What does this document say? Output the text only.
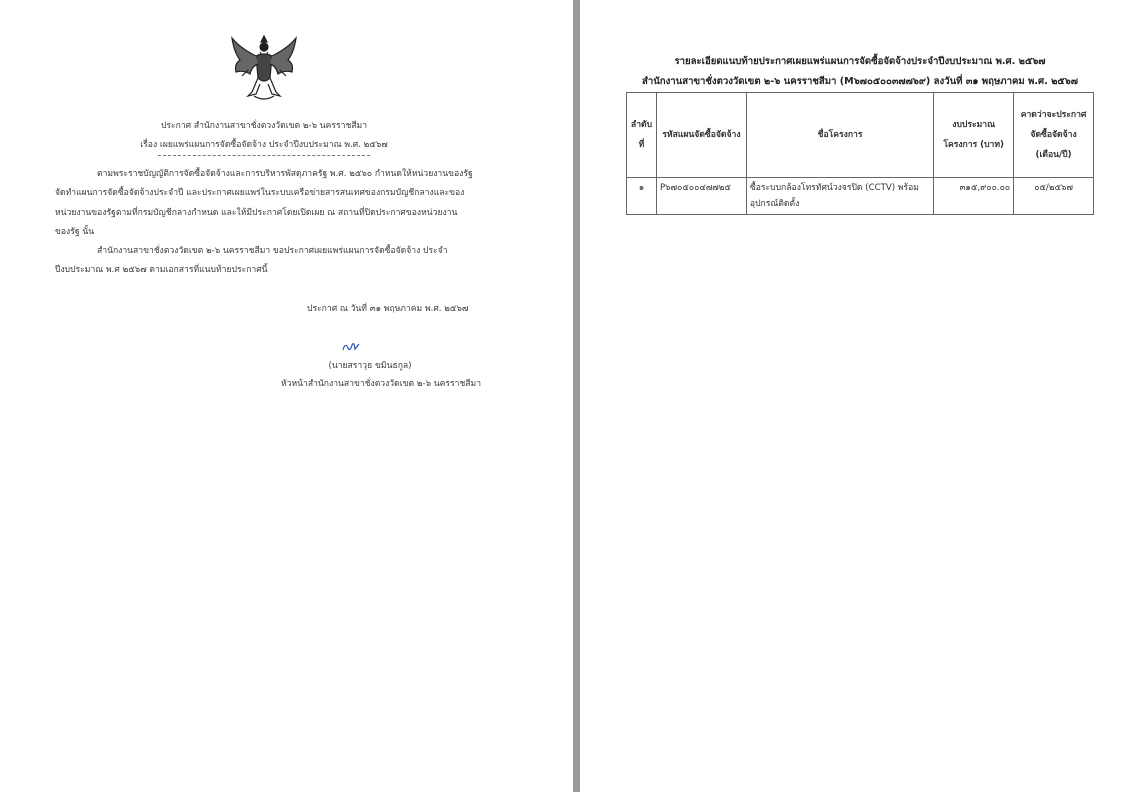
ประกาศ สำนักงานสาขาชั่งตวงวัดเขต ๒-๖ นครราชสีมา
เรื่อง เผยแพร่แผนการจัดซื้อจัดจ้าง ประจำปีงบประมาณ พ.ศ. ๒๕๖๗
ตามพระราชบัญญัติการจัดซื้อจัดจ้างและการบริหารพัสดุภาครัฐ พ.ศ. ๒๕๖๐ กำหนดให้หน่วยงานของรัฐ
จัดทำแผนการจัดซื้อจัดจ้างประจำปี และประกาศเผยแพร่ในระบบเครือข่ายสารสนเทศของกรมบัญชีกลางและของ
หน่วยงานของรัฐตามที่กรมบัญชีกลางกำหนด และให้มีประกาศโดยเปิดเผย ณ สถานที่ปิดประกาศของหน่วยงาน
ของรัฐ นั้น
สำนักงานสาขาชั่งตวงวัดเขต ๒-๖ นครราชสีมา ขอประกาศเผยแพร่แผนการจัดซื้อจัดจ้าง ประจำ
ปีงบประมาณ พ.ศ ๒๕๖๗ ตามเอกสารที่แนบท้ายประกาศนี้
ประกาศ ณ วันที่ ๓๑ พฤษภาคม พ.ศ. ๒๕๖๗
(นายสราวุธ ขมินธกูล)
หัวหน้าสำนักงานสาขาชั่งตวงวัดเขต ๒-๖ นครราชสีมา
รายละเอียดแนบท้ายประกาศเผยแพร่แผนการจัดซื้อจัดจ้างประจำปีงบประมาณ พ.ศ. ๒๕๖๗
สำนักงานสาขาชั่งตวงวัดเขต ๒-๖ นครราชสีมา (M๖๗๐๕๐๐๓๗๗๖๙) ลงวันที่ ๓๑ พฤษภาคม พ.ศ. ๒๕๖๗
ลำดับที่	รหัสแผนจัดซื้อจัดจ้าง	ชื่อโครงการ	งบประมาณโครงการ (บาท)	คาดว่าจะประกาศจัดซื้อจัดจ้าง (เดือน/ปี)
๑	P๖๗๐๕๐๐๔๗๗๒๕	ซื้อระบบกล้องโทรทัศน์วงจรปิด (CCTV) พร้อมอุปกรณ์ติดตั้ง	๓๑๕,๙๐๐.๐๐	๐๕/๒๕๖๗
